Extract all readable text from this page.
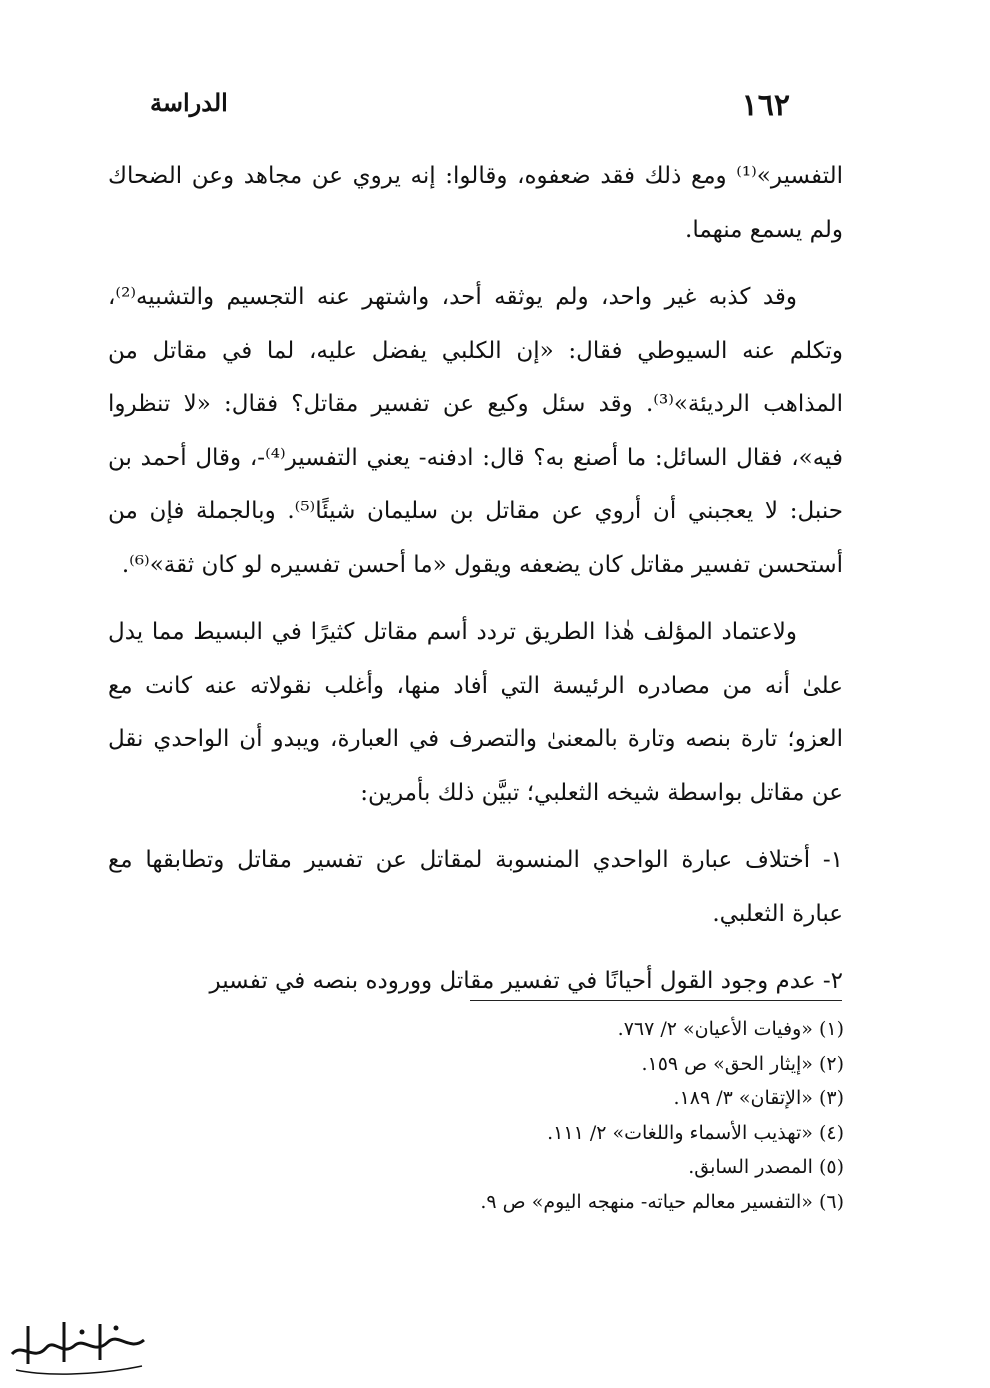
١٦٢
الدراسة

التفسير»⁽¹⁾ ومع ذلك فقد ضعفوه، وقالوا: إنه يروي عن مجاهد وعن الضحاك ولم يسمع منهما.

وقد كذبه غير واحد، ولم يوثقه أحد، واشتهر عنه التجسيم والتشبيه⁽²⁾، وتكلم عنه السيوطي فقال: «إن الكلبي يفضل عليه، لما في مقاتل من المذاهب الرديئة»⁽³⁾. وقد سئل وكيع عن تفسير مقاتل؟ فقال: «لا تنظروا فيه»، فقال السائل: ما أصنع به؟ قال: ادفنه- يعني التفسير⁽⁴⁾-، وقال أحمد بن حنبل: لا يعجبني أن أروي عن مقاتل بن سليمان شيئًا⁽⁵⁾. وبالجملة فإن من أستحسن تفسير مقاتل كان يضعفه ويقول «ما أحسن تفسيره لو كان ثقة»⁽⁶⁾.

ولاعتماد المؤلف هٰذا الطريق تردد أسم مقاتل كثيرًا في البسيط مما يدل علىٰ أنه من مصادره الرئيسة التي أفاد منها، وأغلب نقولاته عنه كانت مع العزو؛ تارة بنصه وتارة بالمعنىٰ والتصرف في العبارة، ويبدو أن الواحدي نقل عن مقاتل بواسطة شيخه الثعلبي؛ تبيَّن ذلك بأمرين:

١- أختلاف عبارة الواحدي المنسوبة لمقاتل عن تفسير مقاتل وتطابقها مع عبارة الثعلبي.

٢- عدم وجود القول أحيانًا في تفسير مقاتل ووروده بنصه في تفسير

(١) «وفيات الأعيان» ٢/ ٧٦٧.
(٢) «إيثار الحق» ص ١٥٩.
(٣) «الإتقان» ٣/ ١٨٩.
(٤) «تهذيب الأسماء واللغات» ٢/ ١١١.
(٥) المصدر السابق.
(٦) «التفسير معالم حياته- منهجه اليوم» ص ٩.
